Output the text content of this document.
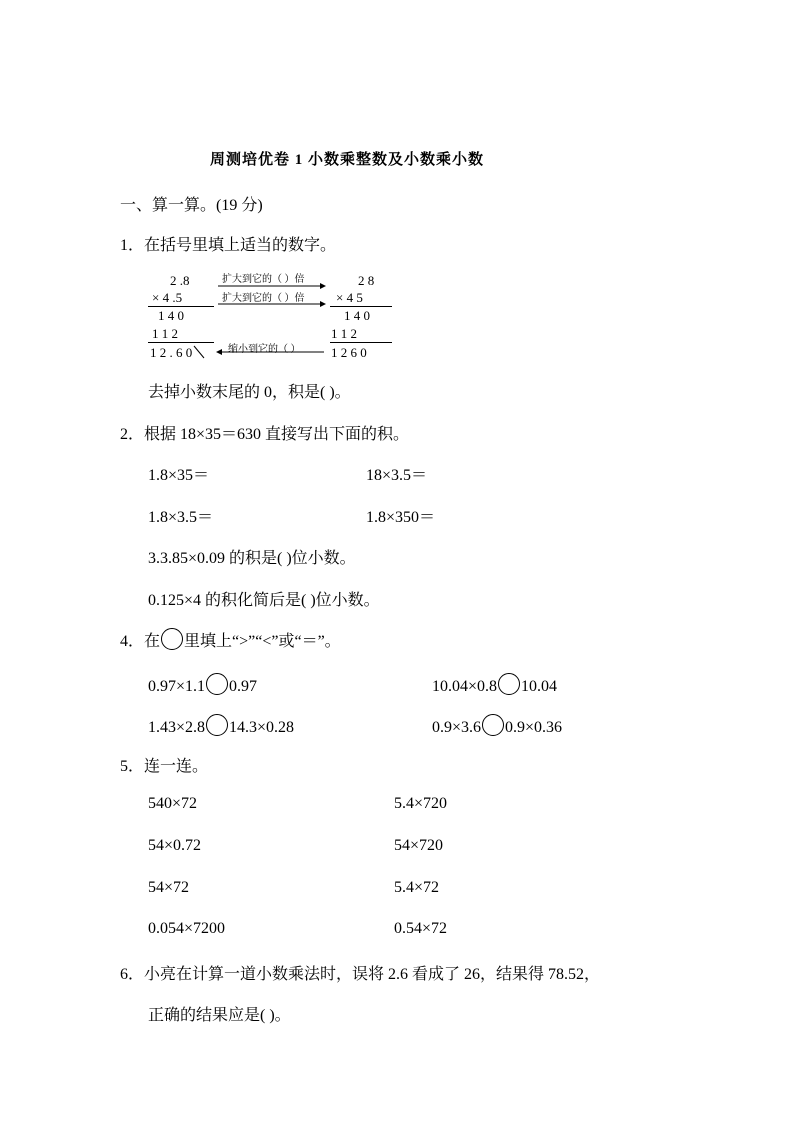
周测培优卷 1 小数乘整数及小数乘小数
一、算一算。(19 分)
1．在括号里填上适当的数字。
2 .8
× 4 .5
1 4 0
1 1 2
1 2 . 6 0
扩大到它的（ ）倍
扩大到它的（ ）倍
缩小到它的（ ）
2 8
× 4 5
1 4 0
1 1 2
1 2 6 0
去掉小数末尾的 0，积是( )。
2．根据 18×35＝630 直接写出下面的积。
1.8×35＝	18×3.5＝
1.8×3.5＝	1.8×350＝
3.3.85×0.09 的积是( )位小数。
0.125×4 的积化简后是( )位小数。
4．在 里填上“>”“<”或“＝”。
0.97×1.1 0.97	10.04×0.8 10.04
1.43×2.8 14.3×0.28	0.9×3.6 0.9×0.36
5．连一连。
540×72	5.4×720
54×0.72	54×720
54×72	5.4×72
0.054×7200	0.54×72
6．小亮在计算一道小数乘法时，误将 2.6 看成了 26，结果得 78.52，
正确的结果应是( )。
